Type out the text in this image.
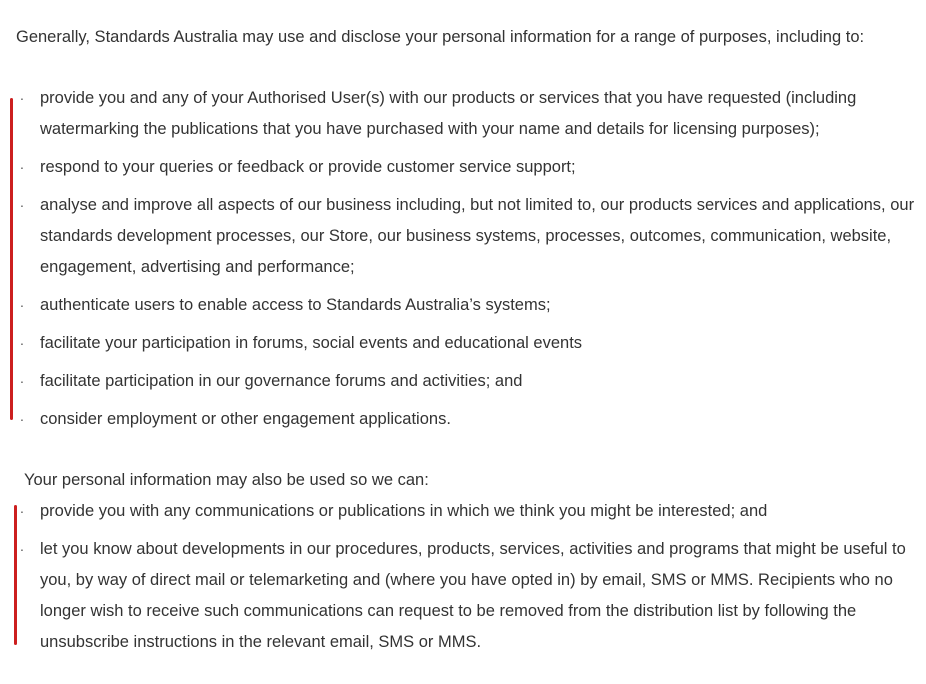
Generally, Standards Australia may use and disclose your personal information for a range of purposes, including to:
· provide you and any of your Authorised User(s) with our products or services that you have requested (including watermarking the publications that you have purchased with your name and details for licensing purposes);
· respond to your queries or feedback or provide customer service support;
· analyse and improve all aspects of our business including, but not limited to, our products services and applications, our standards development processes, our Store, our business systems, processes, outcomes, communication, website, engagement, advertising and performance;
· authenticate users to enable access to Standards Australia’s systems;
· facilitate your participation in forums, social events and educational events
· facilitate participation in our governance forums and activities; and
· consider employment or other engagement applications.
Your personal information may also be used so we can:
· provide you with any communications or publications in which we think you might be interested; and
· let you know about developments in our procedures, products, services, activities and programs that might be useful to you, by way of direct mail or telemarketing and (where you have opted in) by email, SMS or MMS. Recipients who no longer wish to receive such communications can request to be removed from the distribution list by following the unsubscribe instructions in the relevant email, SMS or MMS.
